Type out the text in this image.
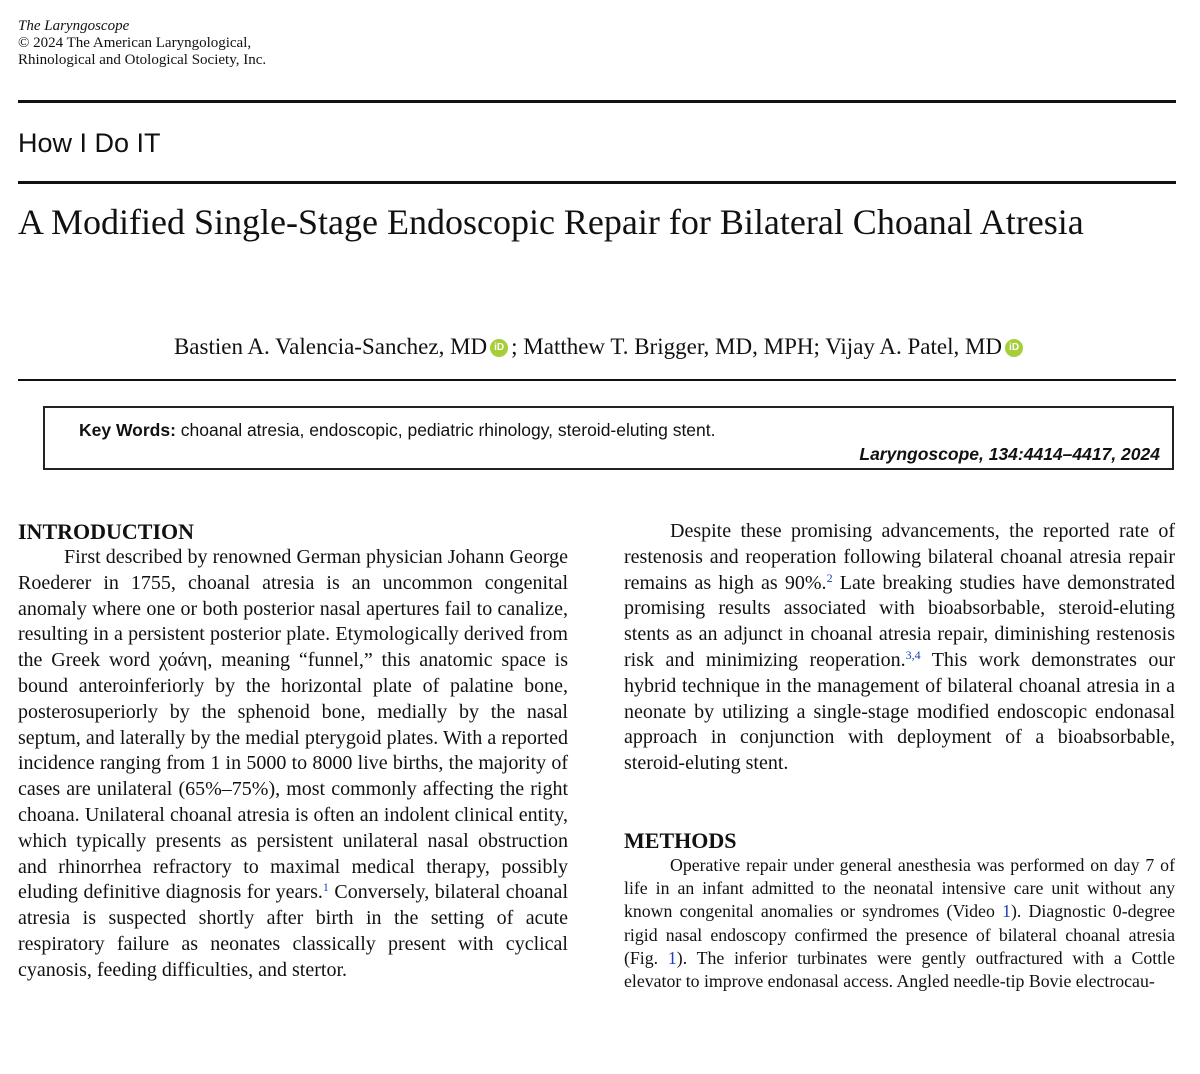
The Laryngoscope
© 2024 The American Laryngological,
Rhinological and Otological Society, Inc.
How I Do IT
A Modified Single-Stage Endoscopic Repair for Bilateral Choanal Atresia
Bastien A. Valencia-Sanchez, MD iD ; Matthew T. Brigger, MD, MPH; Vijay A. Patel, MD iD
Key Words: choanal atresia, endoscopic, pediatric rhinology, steroid-eluting stent.
Laryngoscope, 134:4414–4417, 2024
INTRODUCTION

First described by renowned German physician Johann George Roederer in 1755, choanal atresia is an uncommon congenital anomaly where one or both posterior nasal apertures fail to canalize, resulting in a persistent posterior plate. Etymologically derived from the Greek word χοάνη, meaning “funnel,” this anatomic space is bound anteroinferiorly by the horizontal plate of palatine bone, posterosuperiorly by the sphenoid bone, medially by the nasal septum, and laterally by the medial pterygoid plates. With a reported incidence ranging from 1 in 5000 to 8000 live births, the majority of cases are unilateral (65%–75%), most commonly affecting the right choana. Unilateral choanal atresia is often an indolent clinical entity, which typically presents as persistent unilateral nasal obstruction and rhinorrhea refractory to maximal medical therapy, possibly eluding definitive diagnosis for years.$^1$ Conversely, bilateral choanal atresia is suspected shortly after birth in the setting of acute respiratory failure as neonates classically present with cyclical cyanosis, feeding difficulties, and stertor.

Despite these promising advancements, the reported rate of restenosis and reoperation following bilateral choanal atresia repair remains as high as 90%.$^2$ Late breaking studies have demonstrated promising results associated with bioabsorbable, steroid-eluting stents as an adjunct in choanal atresia repair, diminishing restenosis risk and minimizing reoperation.$^{3,4}$ This work demonstrates our hybrid technique in the management of bilateral choanal atresia in a neonate by utilizing a single-stage modified endoscopic endonasal approach in conjunction with deployment of a bioabsorbable, steroid-eluting stent.

METHODS

Operative repair under general anesthesia was performed on day 7 of life in an infant admitted to the neonatal intensive care unit without any known congenital anomalies or syndromes (Video 1). Diagnostic 0-degree rigid nasal endoscopy confirmed the presence of bilateral choanal atresia (Fig. 1). The inferior turbinates were gently outfractured with a Cottle elevator to improve endonasal access. Angled needle-tip Bovie electrocau-
